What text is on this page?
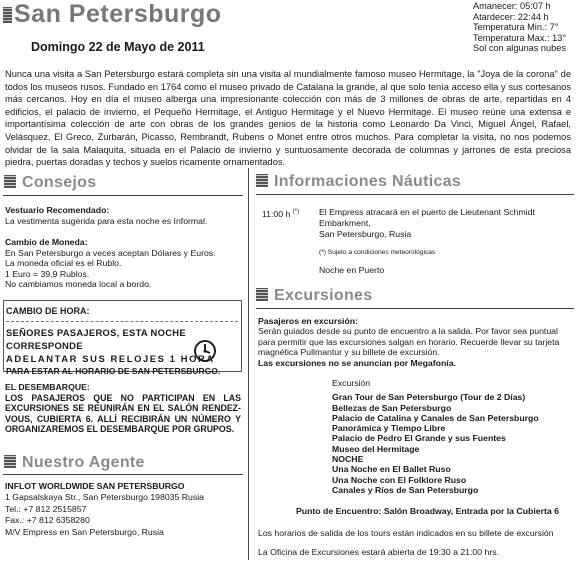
San Petersburgo
Domingo 22 de Mayo de 2011
Amanecer: 05:07 h
Atardecer: 22:44 h
Temperatura Min.: 7°
Temperatura Max.: 13°
Sol con algunas nubes
Nunca una visita a San Petersburgo estará completa sin una visita al mundialmente famoso museo Hermitage, la "Joya de la corona" de todos los museos rusos. Fundado en 1764 como el museo privado de Catalana la grande, al que solo tenía acceso ella y sus cortesanos más cercanos. Hoy en día el museo alberga una impresionante colección con más de 3 millones de obras de arte, repartidas en 4 edificios, el palacio de invierno, el Pequeño Hermitage, el Antiguo Hermitage y el Nuevo Hermitage. El museo reúne una extensa e importantísima colección de arte con obras de los grandes genios de la historia como Leonardo Da Vinci, Miguel Ángel, Rafael, Velásquez, El Greco, Zurbarán, Picasso, Rembrandt, Rubens o Monet entre otros muchos. Para completar la visita, no nos podemos olvidar de la sala Malaquita, situada en el Palacio de invierno y suntuosamente decorada de columnas y jarrones de esta preciosa piedra, puertas doradas y techos y suelos ricamente ornamentados.
Consejos
Vestuario Recomendado:
La vestimenta sugerida para esta noche es Informal.
Cambio de Moneda:
En San Petersburgo a veces aceptan Dólares y Euros.
La moneda oficial es el Rublo.
1 Euro = 39,9 Rublos.
No cambiamos moneda local a bordo.
CAMBIO DE HORA:
SEÑORES PASAJEROS, ESTA NOCHE CORRESPONDE
ADELANTAR SUS RELOJES 1 HORA
PARA ESTAR AL HORARIO DE SAN PETERSBURGO.
EL DESEMBARQUE:
LOS PASAJEROS QUE NO PARTICIPAN EN LAS EXCURSIONES SE REUNIRÁN EN EL SALÓN RENDEZ-VOUS, CUBIERTA 6. ALLÍ RECIBIRÁN UN NÚMERO Y ORGANIZAREMOS EL DESEMBARQUE POR GRUPOS.
Nuestro Agente
INFLOT WORLDWIDE SAN PETERSBURGO
1 Gapsalskaya Str., San Petersburgo 198035 Rusia
Tel.: +7 812 2515857
Fax.: +7 812 6358280
M/V Empress en San Petersburgo, Rusia
Informaciones Náuticas
11:00 h (*) El Empress atracará en el puerto de Lieutenant Schmidt
Embarkment,
San Petersburgo, Rusia
(*) Sujeto a condiciones meteorológicas
Noche en Puerto
Excursiones
Pasajeros en excursión:
Serán guiados desde su punto de encuentro a la salida. Por favor sea puntual
para permitir que las excursiones salgan en horario. Recuerde llevar su tarjeta
magnética Pullmantur y su billete de excursión.
Las excursiones no se anuncian por Megafonía.
Excursión
Gran Tour de San Petersburgo (Tour de 2 Días)
Bellezas de San Petersburgo
Palacio de Catalina y Canales de San Petersburgo
Panorámica y Tiempo Libre
Palacio de Pedro El Grande y sus Fuentes
Museo del Hermitage
NOCHE
Una Noche en El Ballet Ruso
Una Noche con El Folklore Ruso
Canales y Ríos de San Petersburgo
Punto de Encuentro: Salón Broadway, Entrada por la Cubierta 6
Los horarios de salida de los tours están indicados en su billete de excursión
La Oficina de Excursiones estará abierta de 19:30 a 21:00 hrs.
